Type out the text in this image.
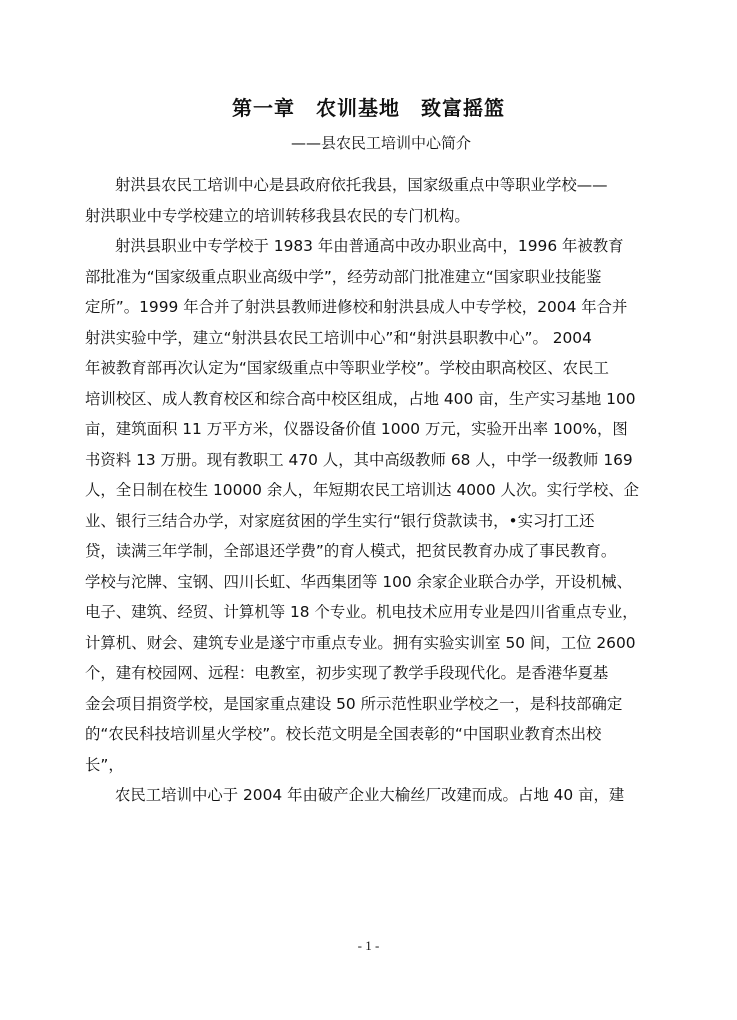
第一章　农训基地　致富摇篮

——县农民工培训中心简介

射洪县农民工培训中心是县政府依托我县，国家级重点中等职业学校——
射洪职业中专学校建立的培训转移我县农民的专门机构。

射洪县职业中专学校于 1983 年由普通高中改办职业高中，1996 年被教育
部批准为“国家级重点职业高级中学”，经劳动部门批准建立“国家职业技能鉴
定所”。1999 年合并了射洪县教师进修校和射洪县成人中专学校，2004 年合并
射洪实验中学，建立“射洪县农民工培训中心”和“射洪县职教中心”。 2004
年被教育部再次认定为“国家级重点中等职业学校”。学校由职高校区、农民工
培训校区、成人教育校区和综合高中校区组成，占地 400 亩，生产实习基地 100
亩，建筑面积 11 万平方米，仪器设备价值 1000 万元，实验开出率 100%，图
书资料 13 万册。现有教职工 470 人，其中高级教师 68 人，中学一级教师 169
人，全日制在校生 10000 余人，年短期农民工培训达 4000 人次。实行学校、企
业、银行三结合办学，对家庭贫困的学生实行“银行贷款读书，•实习打工还
贷，读满三年学制，全部退还学费”的育人模式，把贫民教育办成了事民教育。
学校与沱牌、宝钢、四川长虹、华西集团等 100 余家企业联合办学，开设机械、
电子、建筑、经贸、计算机等 18 个专业。机电技术应用专业是四川省重点专业，
计算机、财会、建筑专业是遂宁市重点专业。拥有实验实训室 50 间，工位 2600
个，建有校园网、远程：电教室，初步实现了教学手段现代化。是香港华夏基
金会项目捐资学校，是国家重点建设 50 所示范性职业学校之一，是科技部确定
的“农民科技培训星火学校”。校长范文明是全国表彰的“中国职业教育杰出校
长”，

农民工培训中心于 2004 年由破产企业大榆丝厂改建而成。占地 40 亩，建

- 1 -
